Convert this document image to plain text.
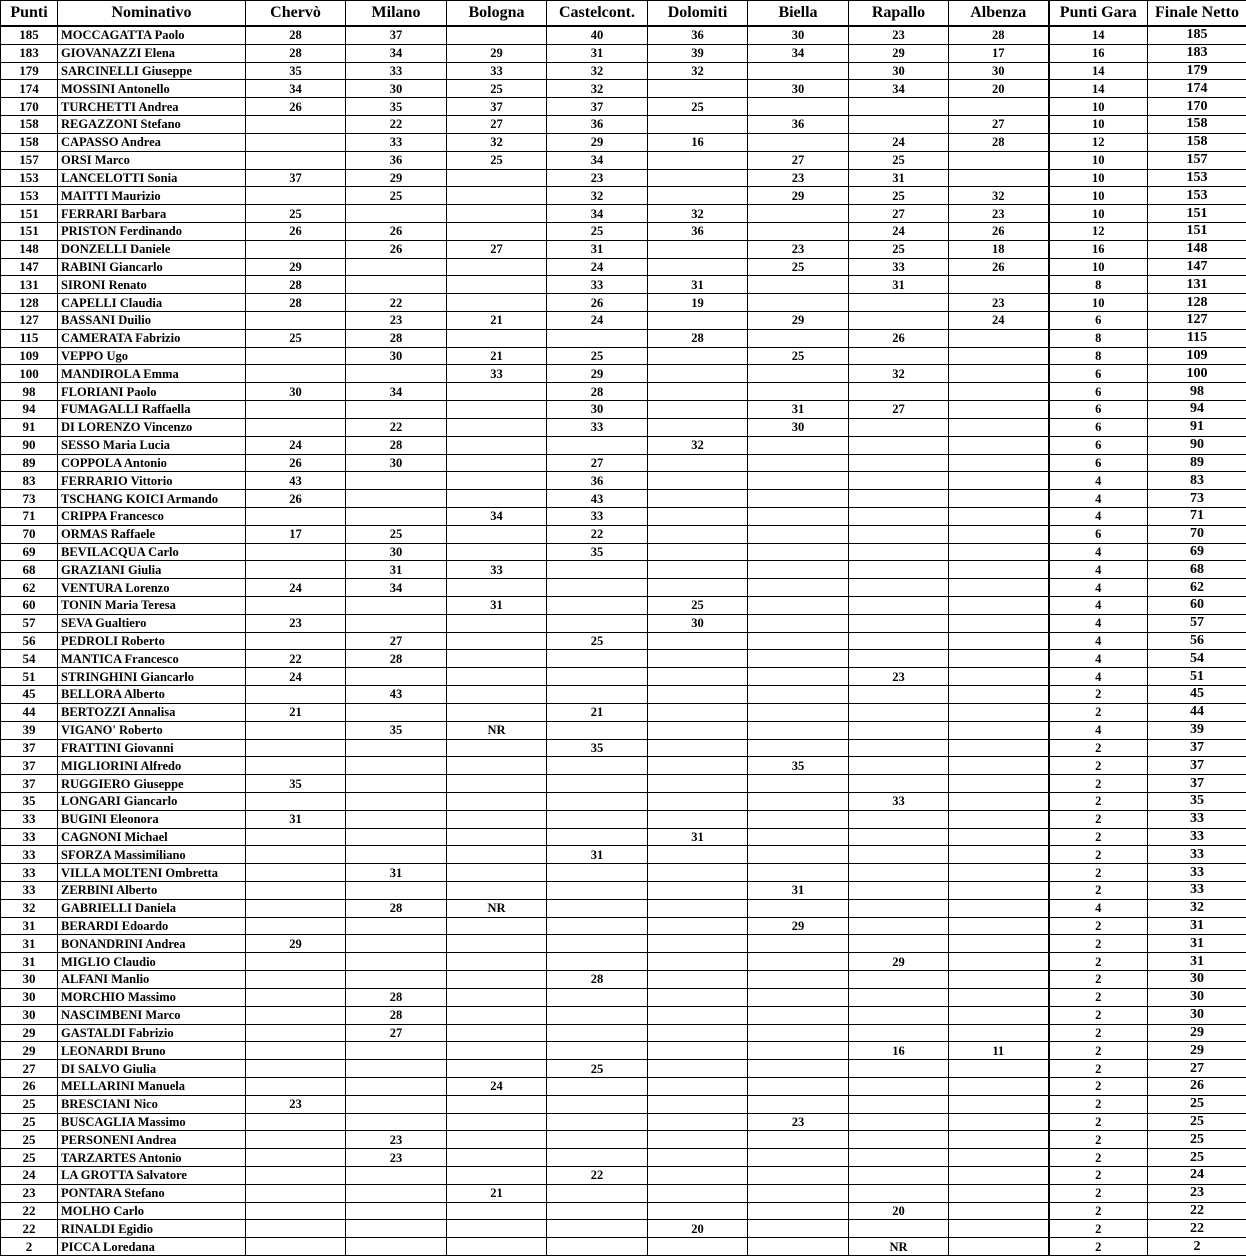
Punti	Nominativo	Chervò	Milano	Bologna	Castelcont.	Dolomiti	Biella	Rapallo	Albenza	Punti Gara	Finale Netto
185	MOCCAGATTA Paolo	28	37		40	36	30	23	28	14	185
183	GIOVANAZZI Elena	28	34	29	31	39	34	29	17	16	183
179	SARCINELLI Giuseppe	35	33	33	32	32		30	30	14	179
174	MOSSINI Antonello	34	30	25	32		30	34	20	14	174
170	TURCHETTI Andrea	26	35	37	37	25				10	170
158	REGAZZONI Stefano		22	27	36		36		27	10	158
158	CAPASSO Andrea		33	32	29	16		24	28	12	158
157	ORSI Marco		36	25	34		27	25		10	157
153	LANCELOTTI Sonia	37	29		23		23	31		10	153
153	MAITTI Maurizio		25		32		29	25	32	10	153
151	FERRARI Barbara	25			34	32		27	23	10	151
151	PRISTON Ferdinando	26	26		25	36		24	26	12	151
148	DONZELLI Daniele		26	27	31		23	25	18	16	148
147	RABINI Giancarlo	29			24		25	33	26	10	147
131	SIRONI Renato	28			33	31		31		8	131
128	CAPELLI Claudia	28	22		26	19			23	10	128
127	BASSANI Duilio		23	21	24		29		24	6	127
115	CAMERATA Fabrizio	25	28			28		26		8	115
109	VEPPO Ugo		30	21	25		25			8	109
100	MANDIROLA Emma			33	29			32		6	100
98	FLORIANI Paolo	30	34		28					6	98
94	FUMAGALLI Raffaella				30		31	27		6	94
91	DI LORENZO Vincenzo		22		33		30			6	91
90	SESSO Maria Lucia	24	28			32				6	90
89	COPPOLA Antonio	26	30		27					6	89
83	FERRARIO Vittorio	43			36					4	83
73	TSCHANG KOICI Armando	26			43					4	73
71	CRIPPA Francesco			34	33					4	71
70	ORMAS Raffaele	17	25		22					6	70
69	BEVILACQUA Carlo		30		35					4	69
68	GRAZIANI Giulia		31	33						4	68
62	VENTURA Lorenzo	24	34							4	62
60	TONIN Maria Teresa			31		25				4	60
57	SEVA Gualtiero	23				30				4	57
56	PEDROLI Roberto		27		25					4	56
54	MANTICA Francesco	22	28							4	54
51	STRINGHINI Giancarlo	24						23		4	51
45	BELLORA Alberto		43							2	45
44	BERTOZZI Annalisa	21			21					2	44
39	VIGANO' Roberto		35	NR						4	39
37	FRATTINI Giovanni				35					2	37
37	MIGLIORINI Alfredo						35			2	37
37	RUGGIERO Giuseppe	35								2	37
35	LONGARI Giancarlo							33		2	35
33	BUGINI Eleonora	31								2	33
33	CAGNONI Michael					31				2	33
33	SFORZA Massimiliano				31					2	33
33	VILLA MOLTENI Ombretta		31							2	33
33	ZERBINI Alberto						31			2	33
32	GABRIELLI Daniela		28	NR						4	32
31	BERARDI Edoardo						29			2	31
31	BONANDRINI Andrea	29								2	31
31	MIGLIO Claudio							29		2	31
30	ALFANI Manlio				28					2	30
30	MORCHIO Massimo		28							2	30
30	NASCIMBENI Marco		28							2	30
29	GASTALDI Fabrizio		27							2	29
29	LEONARDI Bruno							16	11	2	29
27	DI SALVO Giulia				25					2	27
26	MELLARINI Manuela			24						2	26
25	BRESCIANI Nico	23								2	25
25	BUSCAGLIA Massimo						23			2	25
25	PERSONENI Andrea		23							2	25
25	TARZARTES Antonio		23							2	25
24	LA GROTTA Salvatore				22					2	24
23	PONTARA Stefano			21						2	23
22	MOLHO Carlo							20		2	22
22	RINALDI Egidio					20				2	22
2	PICCA Loredana							NR		2	2
